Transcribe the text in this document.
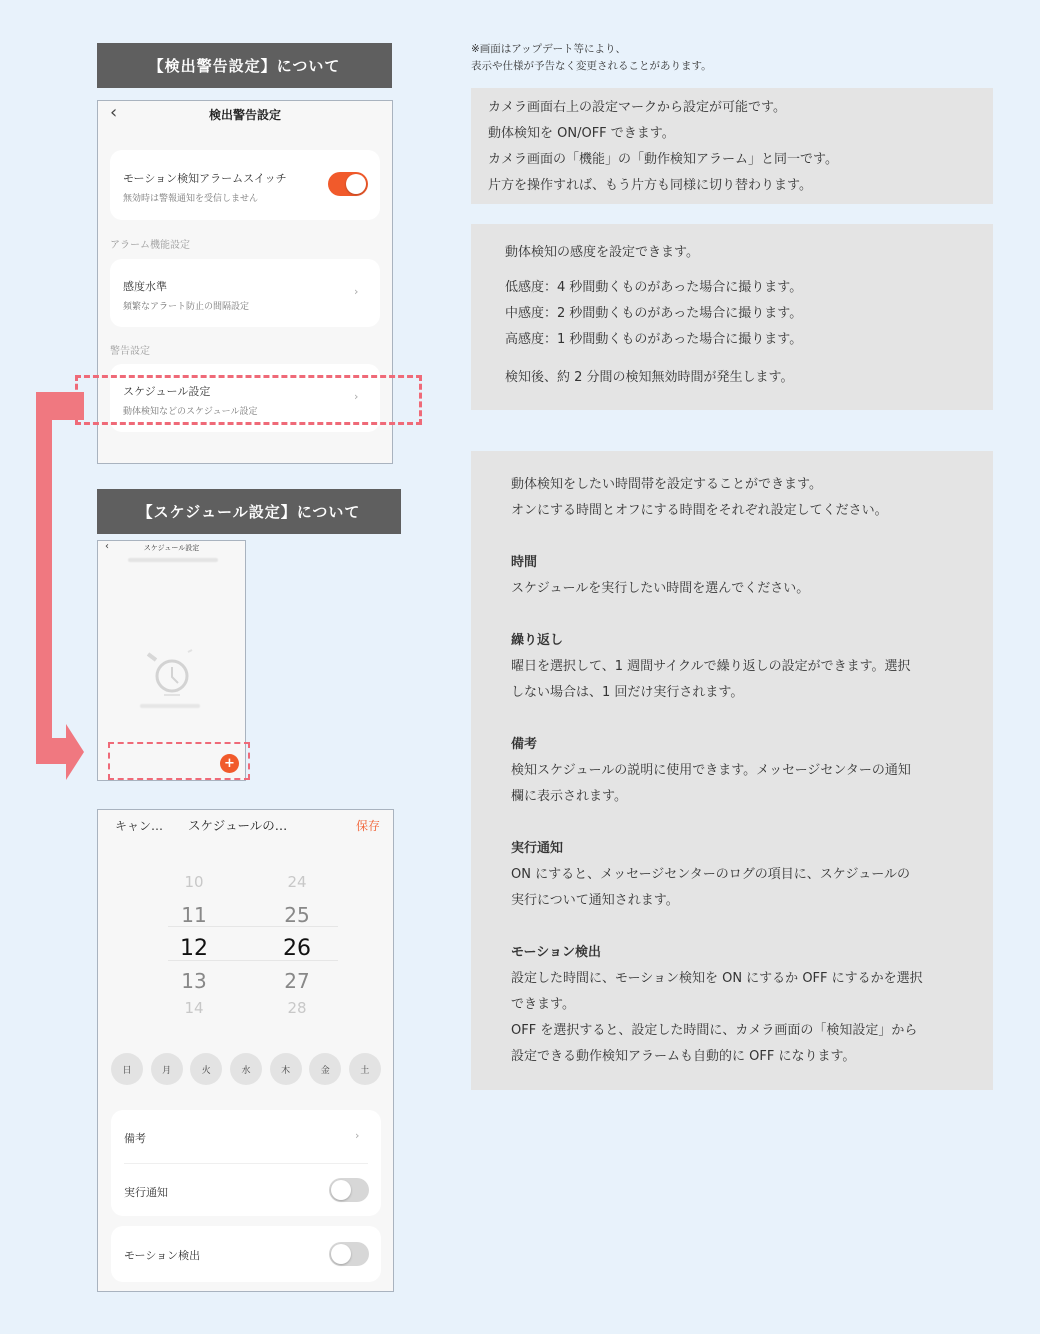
※画面はアップデート等により、
表示や仕様が予告なく変更されることがあります。
【検出警告設定】について
‹	検出警告設定
モーション検知アラームスイッチ
無効時は警報通知を受信しません
アラーム機能設定
感度水準
頻繁なアラート防止の間隔設定
›
警告設定
スケジュール設定
動体検知などのスケジュール設定
›
【スケジュール設定】について
‹	スケジュール設定
+
キャン… スケジュールの…	保存
10
11
12
13
14
24
25
26
27
28
日	月	火	水	木	金	土
備考	›
実行通知
モーション検出

カメラ画面右上の設定マークから設定が可能です。

動体検知を ON/OFF できます。

カメラ画面の「機能」の「動作検知アラーム」と同一です。

片方を操作すれば、もう片方も同様に切り替わります。

動体検知の感度を設定できます。

低感度：4 秒間動くものがあった場合に撮ります。

中感度：2 秒間動くものがあった場合に撮ります。

高感度：1 秒間動くものがあった場合に撮ります。

検知後、約 2 分間の検知無効時間が発生します。

動体検知をしたい時間帯を設定することができます。

オンにする時間とオフにする時間をそれぞれ設定してください。

時間

スケジュールを実行したい時間を選んでください。

繰り返し

曜日を選択して、1 週間サイクルで繰り返しの設定ができます。選択

しない場合は、1 回だけ実行されます。

備考

検知スケジュールの説明に使用できます。メッセージセンターの通知

欄に表示されます。

実行通知

ON にすると、メッセージセンターのログの項目に、スケジュールの

実行について通知されます。

モーション検出

設定した時間に、モーション検知を ON にするか OFF にするかを選択

できます。

OFF を選択すると、設定した時間に、カメラ画面の「検知設定」から

設定できる動作検知アラームも自動的に OFF になります。
